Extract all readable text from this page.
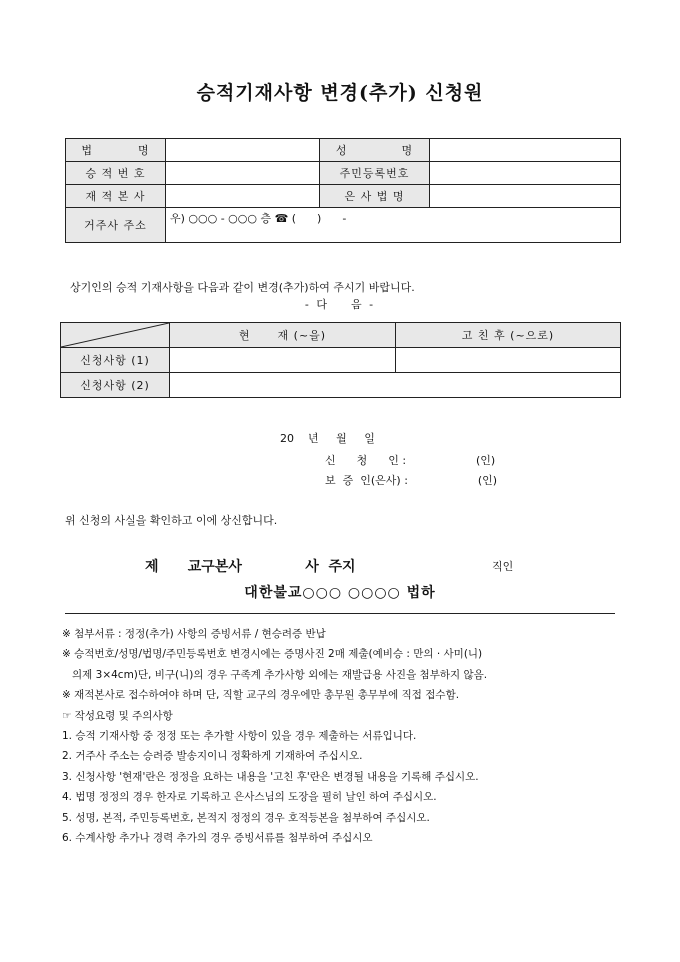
승적기재사항 변경(추가) 신청원
법          명		성            명	
승 적 번 호		주민등록번호	
재 적 본 사		은 사 법 명	
거주사 주소	우) ○○○ - ○○○ 층 ☎ (      )      -		
상기인의 승적 기재사항을 다음과 같이 변경(추가)하여 주시기 바랍니다.
- 다    음 -
	현      재 (~을)	고 친 후 (~으로)
신청사항 (1)		
신청사항 (2)		
20    년     월     일
신      청      인 :                    (인)
보  증  인(은사) :                    (인)
위 신청의 사실을 확인하고 이에 상신합니다.
제      교구본사             사  주지	직인
대한불교○○○ ○○○○ 법하
※ 첨부서류 : 정정(추가) 사항의 증빙서류 / 현승려증 반납
※ 승적번호/성명/법명/주민등록번호 변경시에는 증명사진 2매 제출(예비승 : 만의 · 사미(니)
의제 3×4cm)단, 비구(니)의 경우 구족계 추가사항 외에는 재발급용 사진을 첨부하지 않음.
※ 재적본사로 접수하여야 하며 단, 직할 교구의 경우에만 총무원 총무부에 직접 접수함.
☞ 작성요령 및 주의사항
1. 승적 기재사항 중 정정 또는 추가할 사항이 있을 경우 제출하는 서류입니다.
2. 거주사 주소는 승려증 발송지이니 정확하게 기재하여 주십시오.
3. 신청사항 '현재'란은 정정을 요하는 내용을 '고친 후'란은 변경될 내용을 기록해 주십시오.
4. 법명 정정의 경우 한자로 기록하고 은사스님의 도장을 필히 날인 하여 주십시오.
5. 성명, 본적, 주민등록번호, 본적지 정정의 경우 호적등본을 첨부하여 주십시오.
6. 수계사항 추가나 경력 추가의 경우 증빙서류를 첨부하여 주십시오
